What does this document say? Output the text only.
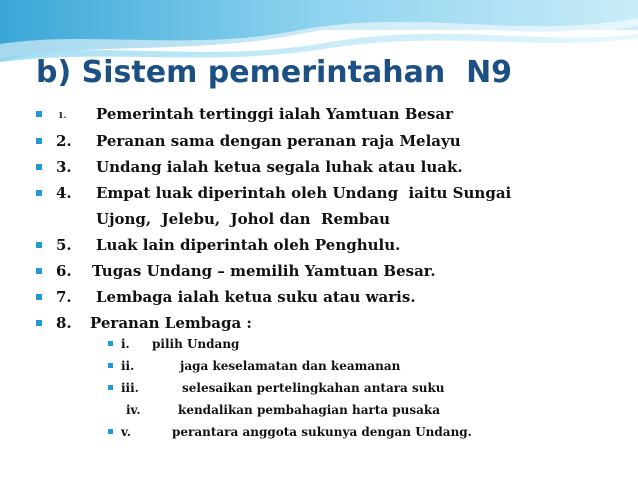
b) Sistem pemerintahan  N9

1.

Pemerintah tertinggi ialah Yamtuan Besar

2.

Peranan sama dengan peranan raja Melayu

3.

Undang ialah ketua segala luhak atau luak.

4.

Empat luak diperintah oleh Undang  iaitu Sungai

Ujong,  Jelebu,  Johol dan  Rembau

5.

Luak lain diperintah oleh Penghulu.

6.

Tugas Undang – memilih Yamtuan Besar.

7.

Lembaga ialah ketua suku atau waris.

8.

Peranan Lembaga :

i.

pilih Undang

ii.

	jaga keselamatan dan keamanan

iii.

	selesaikan pertelingkahan antara suku

iv.

	kendalikan pembahagian harta pusaka

v.

	perantara anggota sukunya dengan Undang.
